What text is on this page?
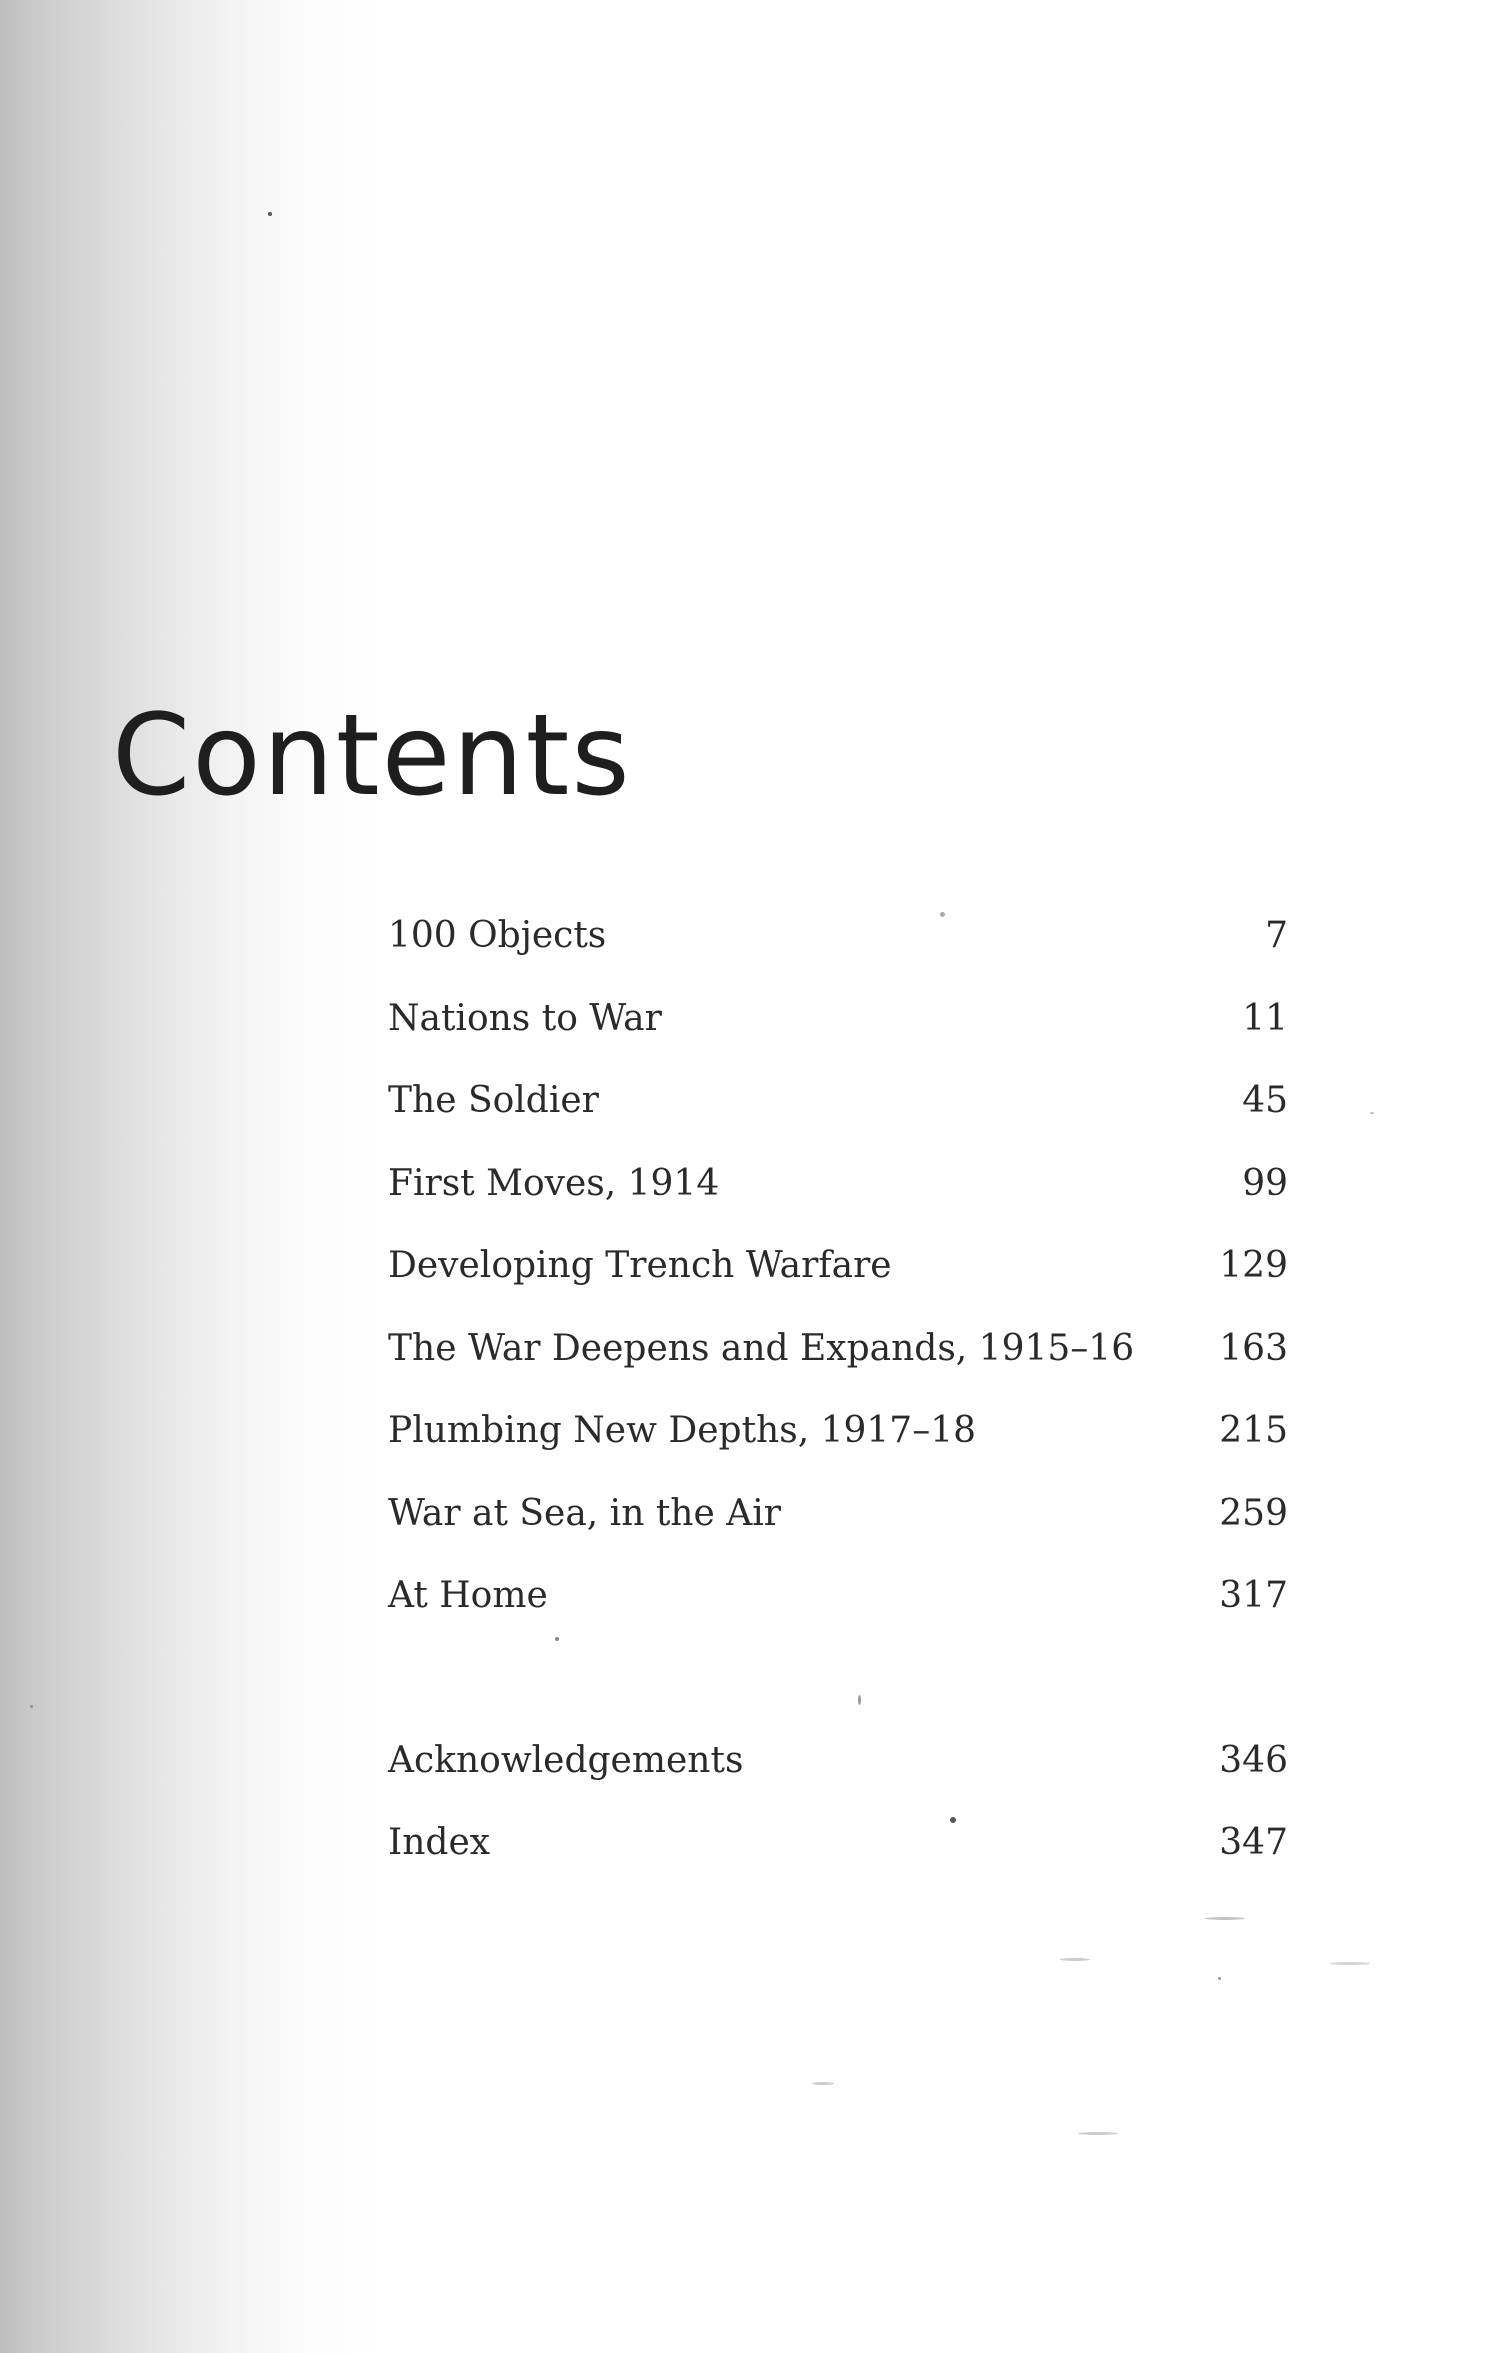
Contents
100 Objects	7
Nations to War	11
The Soldier	45
First Moves, 1914	99
Developing Trench Warfare	129
The War Deepens and Expands, 1915–16 163
Plumbing New Depths, 1917–18	215
War at Sea, in the Air	259
At Home	317
Acknowledgements	346
Index	347
